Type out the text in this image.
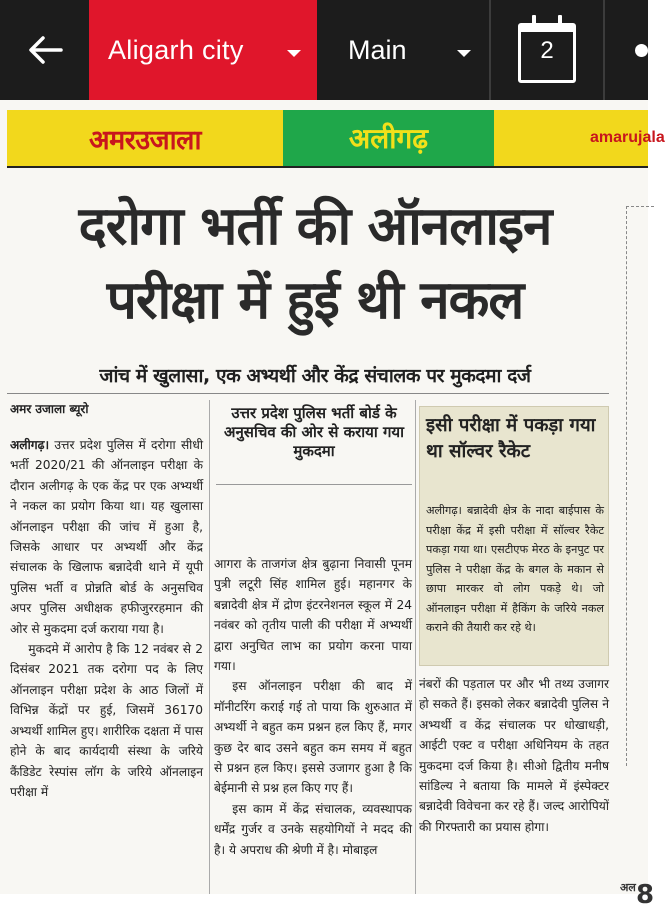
Aligarh city	Main	2
अमरउजाला	अलीगढ़	amarujala
दरोगा भर्ती की ऑनलाइन
परीक्षा में हुई थी नकल
जांच में खुलासा, एक अभ्यर्थी और केंद्र संचालक पर मुकदमा दर्ज
अमर उजाला ब्यूरो

अलीगढ़। उत्तर प्रदेश पुलिस में दरोगा सीधी भर्ती 2020/21 की ऑनलाइन परीक्षा के दौरान अलीगढ़ के एक केंद्र पर एक अभ्यर्थी ने नकल का प्रयोग किया था। यह खुलासा ऑनलाइन परीक्षा की जांच में हुआ है, जिसके आधार पर अभ्यर्थी और केंद्र संचालक के खिलाफ बन्नादेवी थाने में यूपी पुलिस भर्ती व प्रोन्नति बोर्ड के अनुसचिव अपर पुलिस अधीक्षक हफीजुररहमान की ओर से मुकदमा दर्ज कराया गया है।

मुकदमे में आरोप है कि 12 नवंबर से 2 दिसंबर 2021 तक दरोगा पद के लिए ऑनलाइन परीक्षा प्रदेश के आठ जिलों में विभिन्न केंद्रों पर हुई, जिसमें 36170 अभ्यर्थी शामिल हुए। शारीरिक दक्षता में पास होने के बाद कार्यदायी संस्था के जरिये कैंडिडेट रेस्पांस लॉग के जरिये ऑनलाइन परीक्षा में

उत्तर प्रदेश पुलिस भर्ती बोर्ड के अनुसचिव की ओर से कराया गया मुकदमा

आगरा के ताजगंज क्षेत्र बुढ़ाना निवासी पूनम पुत्री लटूरी सिंह शामिल हुई। महानगर के बन्नादेवी क्षेत्र में द्रोण इंटरनेशनल स्कूल में 24 नवंबर को तृतीय पाली की परीक्षा में अभ्यर्थी द्वारा अनुचित लाभ का प्रयोग करना पाया गया।

इस ऑनलाइन परीक्षा की बाद में मॉनीटरिंग कराई गई तो पाया कि शुरुआत में अभ्यर्थी ने बहुत कम प्रश्नन हल किए हैं, मगर कुछ देर बाद उसने बहुत कम समय में बहुत से प्रश्नन हल किए। इससे उजागर हुआ है कि बेईमानी से प्रश्न हल किए गए हैं।

इस काम में केंद्र संचालक, व्यवस्थापक धर्मेंद्र गुर्जर व उनके सहयोगियों ने मदद की है। ये अपराध की श्रेणी में है। मोबाइल

इसी परीक्षा में पकड़ा गया था सॉल्वर रैकेट
अलीगढ़। बन्नादेवी क्षेत्र के नादा बाईपास के परीक्षा केंद्र में इसी परीक्षा में सॉल्वर रैकेट पकड़ा गया था। एसटीएफ मेरठ के इनपुट पर पुलिस ने परीक्षा केंद्र के बगल के मकान से छापा मारकर वो लोग पकड़े थे। जो ऑनलाइन परीक्षा में हैकिंग के जरिये नकल कराने की तैयारी कर रहे थे।

नंबरों की पड़ताल पर और भी तथ्य उजागर हो सकते हैं। इसको लेकर बन्नादेवी पुलिस ने अभ्यर्थी व केंद्र संचालक पर धोखाधड़ी, आईटी एक्ट व परीक्षा अधिनियम के तहत मुकदमा दर्ज किया है। सीओ द्वितीय मनीष सांडिल्य ने बताया कि मामले में इंस्पेक्टर बन्नादेवी विवेचना कर रहे हैं। जल्द आरोपियों की गिरफ्तारी का प्रयास होगा।

8
अल
